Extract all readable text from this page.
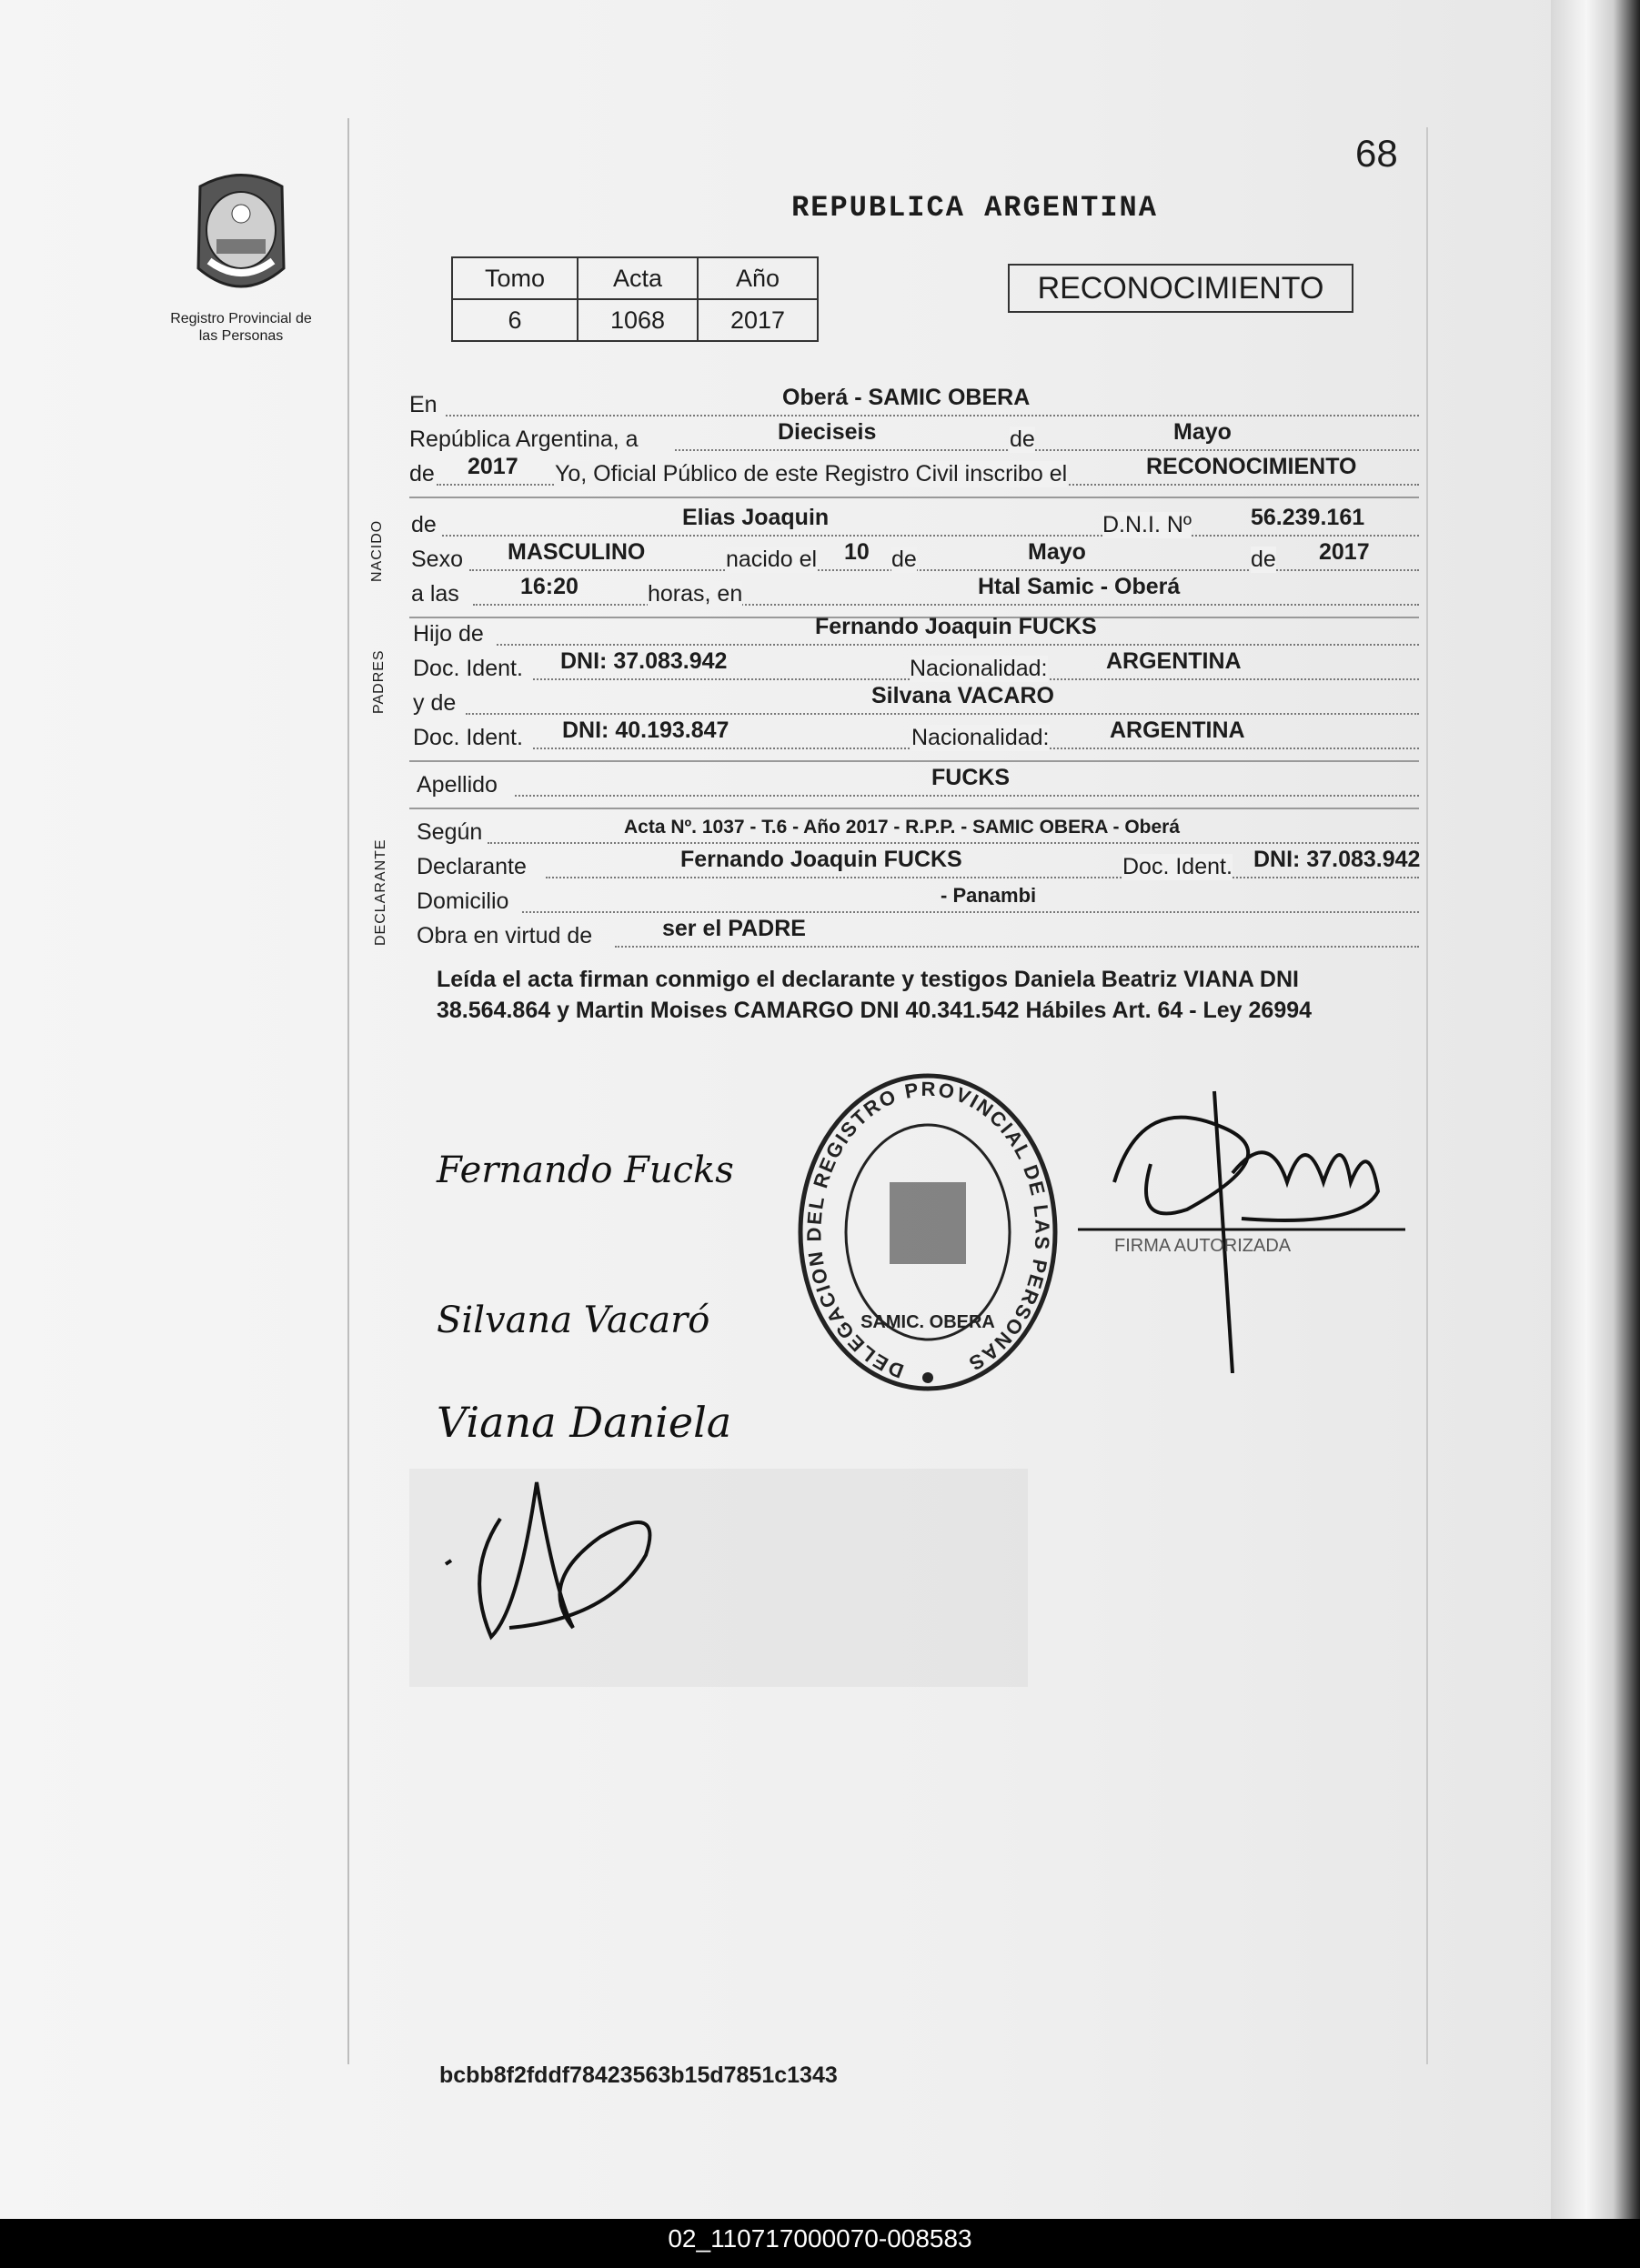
68
REPUBLICA ARGENTINA
Registro Provincial de las Personas
Tomo	Acta	Año
6	1068	2017
RECONOCIMIENTO
En	Oberá - SAMIC OBERA
República Argentina, a	Dieciseis	de	Mayo
de 2017 Yo, Oficial Público de este Registro Civil inscribo el	RECONOCIMIENTO
NACIDO de	Elias Joaquin	D.N.I. Nº	56.239.161
Sexo MASCULINO	nacido el 10 de	Mayo	de 2017
a las	16:20	horas, en	Htal Samic - Oberá
PADRES
Hijo de	Fernando Joaquin FUCKS
Doc. Ident. DNI: 37.083.942	Nacionalidad:	ARGENTINA
y de	Silvana VACARO
Doc. Ident. DNI: 40.193.847	Nacionalidad:	ARGENTINA
Apellido	FUCKS
DECLARANTE
Según	Acta Nº. 1037 - T.6 - Año 2017 - R.P.P. - SAMIC OBERA - Oberá
Declarante	Fernando Joaquin FUCKS	Doc. Ident. DNI: 37.083.942
Domicilio	- Panambi
Obra en virtud de	ser el PADRE
Leída el acta firman conmigo el declarante y testigos Daniela Beatriz VIANA DNI 38.564.864 y Martin Moises CAMARGO DNI 40.341.542 Hábiles Art. 64 - Ley 26994
DELEGACION DEL REGISTRO PROVINCIAL DE LAS PERSONAS
SAMIC. OBERA
FIRMA AUTORIZADA
Fernando Fucks
Silvana Vacaró
Viana Daniela
bcbb8f2fddf78423563b15d7851c1343
02_110717000070-008583
